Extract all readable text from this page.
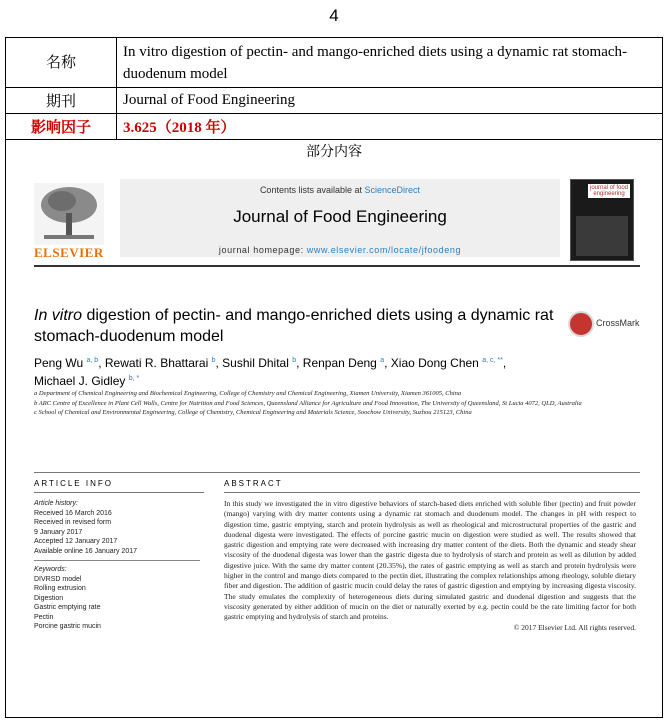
4
名称	In vitro digestion of pectin- and mango-enriched diets using a dynamic rat stomach-duodenum model
期刊	Journal of Food Engineering
影响因子	3.625（2018 年）
部分内容
ELSEVIER
Contents lists available at ScienceDirect
Journal of Food Engineering
journal homepage: www.elsevier.com/locate/jfoodeng
journal of food engineering
In vitro digestion of pectin- and mango-enriched diets using a dynamic rat stomach-duodenum model
CrossMark
Peng Wu $^{a, b}$, Rewati R. Bhattarai $^b$, Sushil Dhital $^b$, Renpan Deng $^a$, Xiao Dong Chen $^{a, c, **}$,
Michael J. Gidley $^{b, *}$

a Department of Chemical Engineering and Biochemical Engineering, College of Chemistry and Chemical Engineering, Xiamen University, Xiamen 361005, China

b ARC Centre of Excellence in Plant Cell Walls, Centre for Nutrition and Food Sciences, Queensland Alliance for Agriculture and Food Innovation, The University of Queensland, St Lucia 4072, QLD, Australia

c School of Chemical and Environmental Engineering, College of Chemistry, Chemical Engineering and Materials Science, Soochow University, Suzhou 215123, China

ARTICLE INFO	ABSTRACT
Article history:
Received 16 March 2016
Received in revised form
9 January 2017
Accepted 12 January 2017
Available online 16 January 2017
Keywords:
DIVRSD model
Rolling extrusion
Digestion
Gastric emptying rate
Pectin
Porcine gastric mucin
In this study we investigated the in vitro digestive behaviors of starch-based diets enriched with soluble fiber (pectin) and fruit powder (mango) varying with dry matter contents using a dynamic rat stomach and duodenum model. The changes in pH with respect to digestion time, gastric emptying, starch and protein hydrolysis as well as rheological and microstructural properties of the gastric and duodenal digesta were investigated. The effects of porcine gastric mucin on digestion were studied as well. The results showed that gastric digestion and emptying rate were decreased with increasing dry matter content of the diets. Both the dynamic and steady shear viscosity of the duodenal digesta was lower than the gastric digesta due to hydrolysis of starch and protein as well as dilution by added digestive juice. With the same dry matter content (20.35%), the rates of gastric emptying as well as starch and protein hydrolysis were higher in the control and mango diets compared to the pectin diet, illustrating the complex relationships among rheology, soluble dietary fiber and digestion. The addition of gastric mucin could delay the rates of gastric digestion and emptying by increasing digesta viscosity. The study emulates the complexity of heterogeneous diets during simulated gastric and duodenal digestion and suggests that the viscosity generated by either addition of mucin on the diet or naturally exerted by e.g. pectin could be the rate limiting factor for both gastric emptying and hydrolysis of starch and proteins.
© 2017 Elsevier Ltd. All rights reserved.
